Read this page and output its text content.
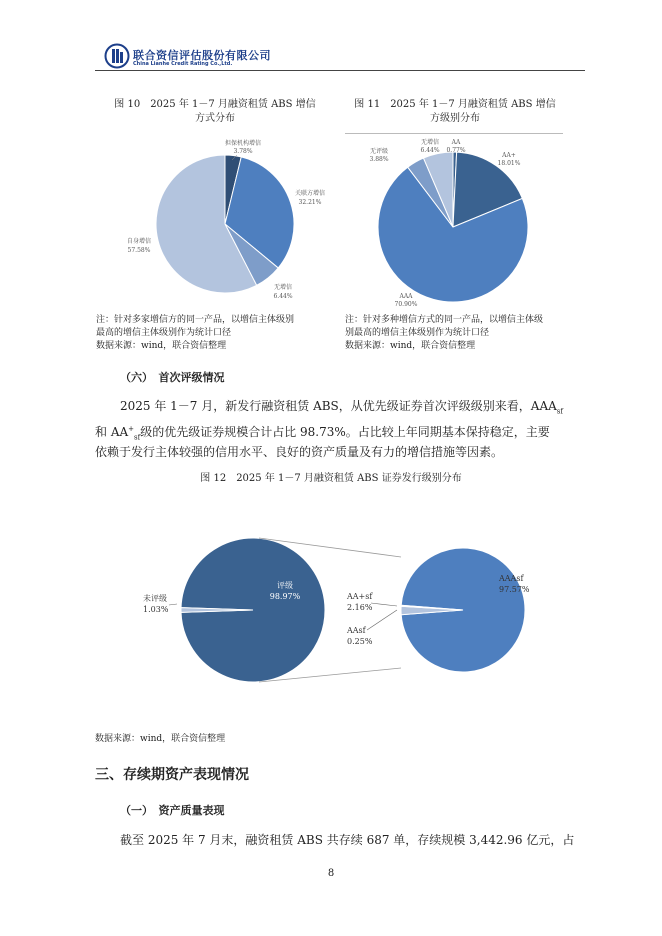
联合资信评估股份有限公司
China Lianhe Credit Rating Co.,Ltd.
图 10　2025 年 1－7 月融资租赁 ABS 增信
方式分布
图 11　2025 年 1－7 月融资租赁 ABS 增信
方级别分布
担保机构增信
3.78%
关联方增信
32.21%
无增信
6.44%
自身增信
57.58%
AA
0.77%
AA+
18.01%
AAA
70.90%
无评级
3.88%
无增信
6.44%
注：针对多家增信方的同一产品，以增信主体级别
最高的增信主体级别作为统计口径
数据来源：wind，联合资信整理
注：针对多种增信方式的同一产品，以增信主体级
别最高的增信主体级别作为统计口径
数据来源：wind，联合资信整理
（六）　首次评级情况
2025 年 1－7 月，新发行融资租赁 ABS，从优先级证券首次评级级别来看，$AAA_{sf}$
和 $AA^+_{sf}$级的优先级证券规模合计占比 98.73%。占比较上年同期基本保持稳定，主要
依赖于发行主体较强的信用水平、良好的资产质量及有力的增信措施等因素。
图 12　2025 年 1－7 月融资租赁 ABS 证券发行级别分布
评级
98.97%
未评级
1.03%
AAAsf
97.57%
AA+sf
2.16%
AAsf
0.25%
数据来源：wind，联合资信整理
三、存续期资产表现情况
（一）　资产质量表现
截至 2025 年 7 月末，融资租赁 ABS 共存续 687 单，存续规模 3,442.96 亿元，占
8
